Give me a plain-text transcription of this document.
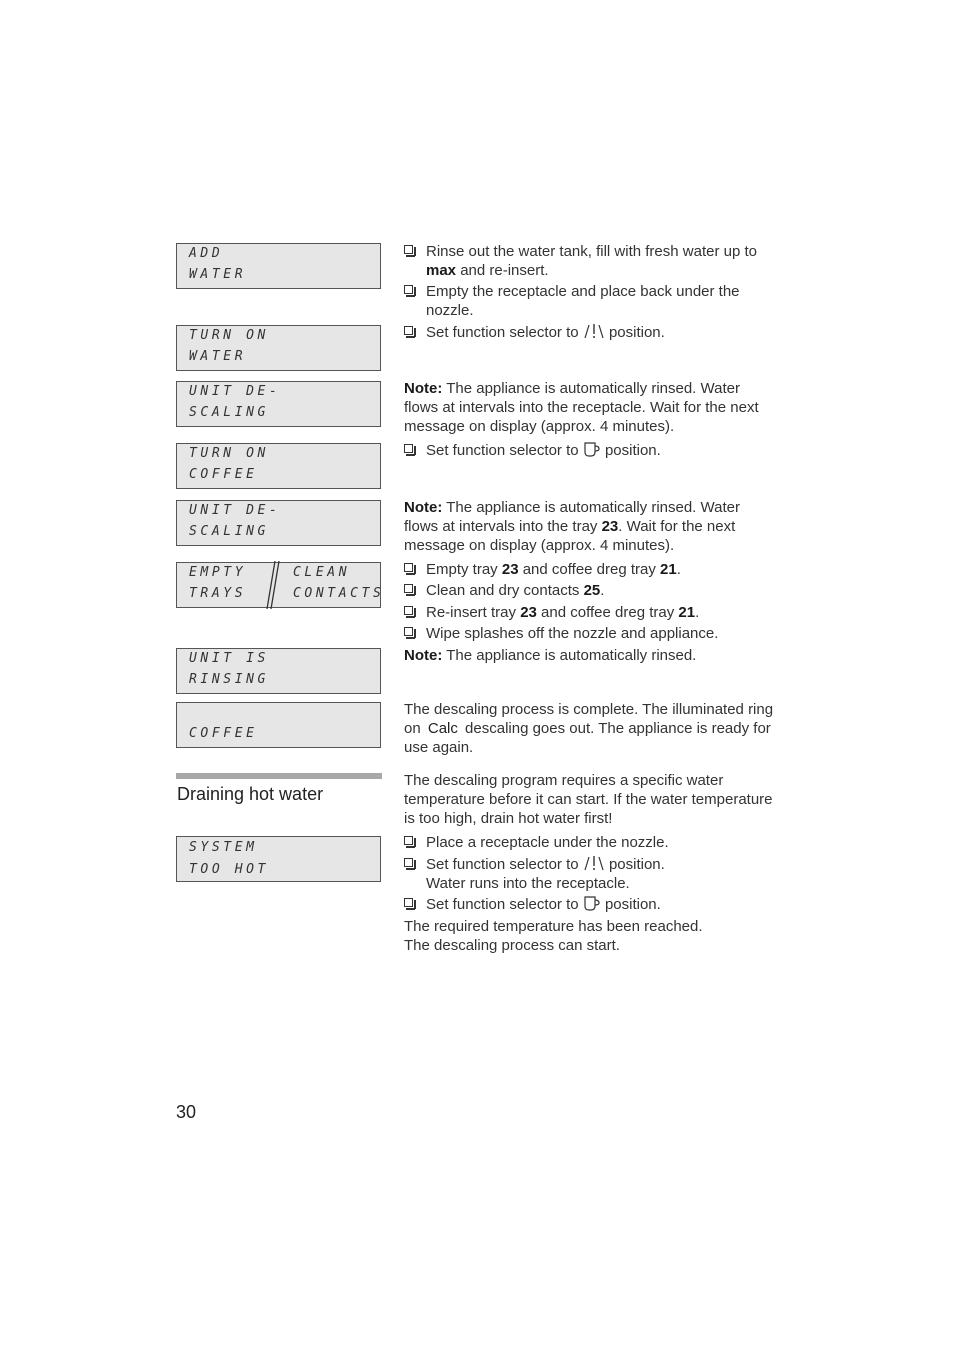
ADD
WATER
TURN ON
WATER
UNIT DE-
SCALING
TURN ON
COFFEE
UNIT DE-
SCALING
EMPTY
TRAYS
CLEAN
CONTACTS
UNIT IS
RINSING
COFFEE
Draining hot water
SYSTEM
TOO HOT
30
Rinse out the water tank, fill with fresh water up to max and re-insert.
Empty the receptacle and place back under the nozzle.
Set function selector to  position.
Note: The appliance is automatically rinsed. Water flows at intervals into the receptacle. Wait for the next message on display (approx. 4 minutes).
Set function selector to  position.
Note: The appliance is automatically rinsed. Water flows at intervals into the tray 23. Wait for the next message on display (approx. 4 minutes).
Empty tray 23 and coffee dreg tray 21.
Clean and dry contacts 25.
Re-insert tray 23 and coffee dreg tray 21.
Wipe splashes off the nozzle and appliance.
Note: The appliance is automatically rinsed.
The descaling process is complete. The illuminated ring on Calc descaling goes out. The appliance is ready for use again.
The descaling program requires a specific water temperature before it can start. If the water temperature is too high, drain hot water first!
Place a receptacle under the nozzle.
Set function selector to  position.
Water runs into the receptacle.
Set function selector to  position.
The required temperature has been reached.
The descaling process can start.
